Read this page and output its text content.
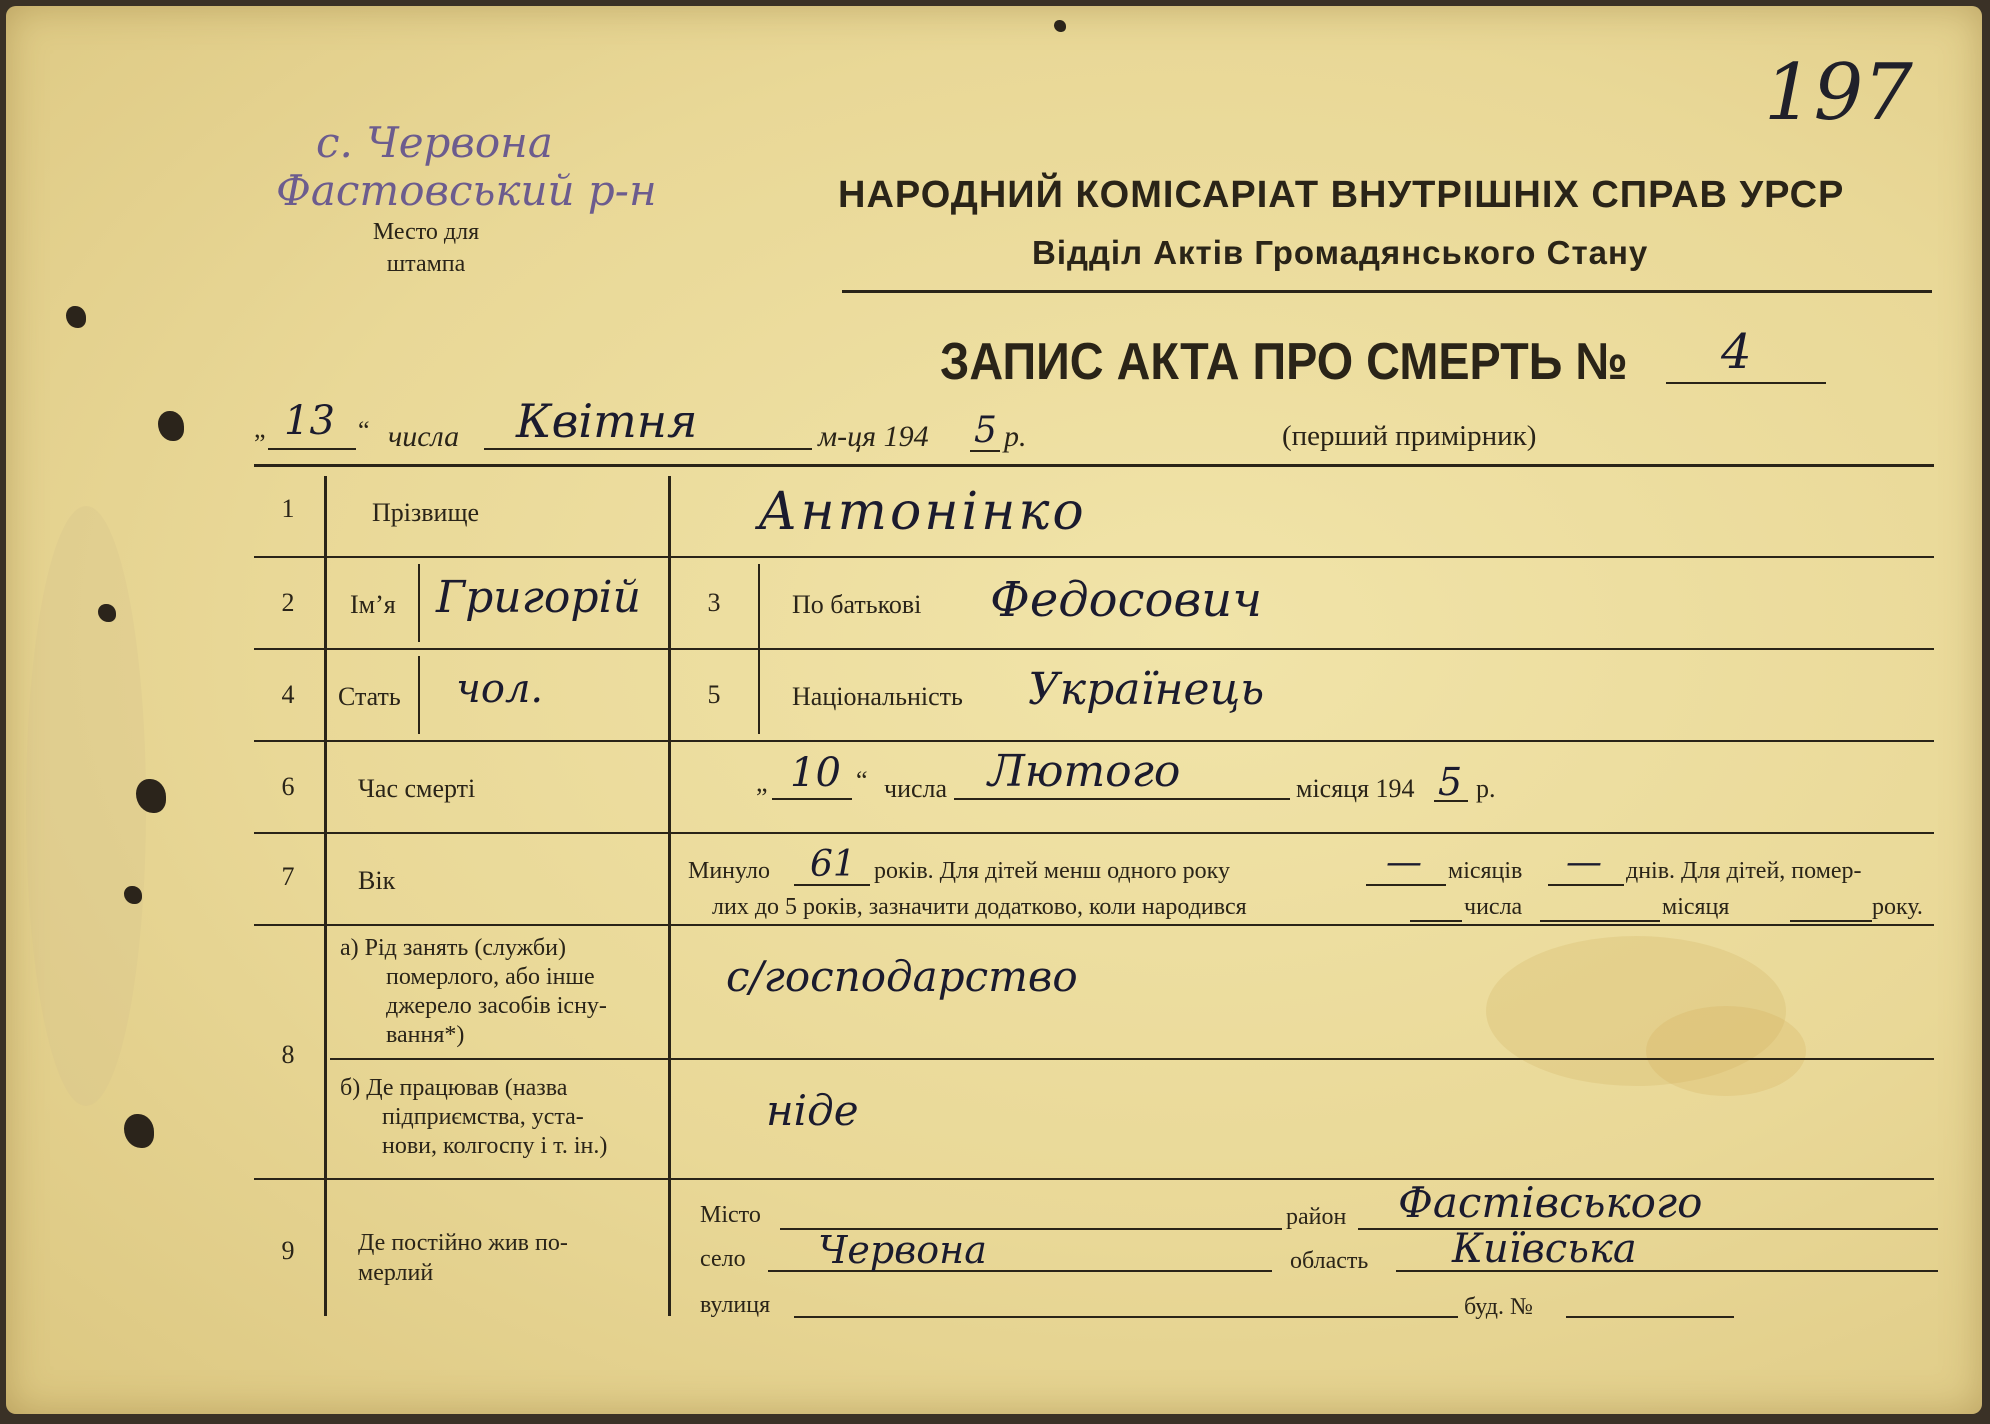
197
с. Червона
Фастовський р-н
Место для
штампа
НАРОДНИЙ КОМІСАРІАТ ВНУТРІШНІХ СПРАВ УРСР
Відділ Актів Громадянського Стану
ЗАПИС АКТА ПРО СМЕРТЬ № 4
„ 13 “ числа Квітня	м-ця 194 5 р.	(перший примірник)
1	Прізвище	Антонінко
2	Ім’я Григорій	3	По батькові Федосович
4	Стать чол.	5	Національність Українець
6	Час смерті	„ 10 “ числа Лютого	місяця 194 5 р.
7	Вік	Минуло 61 років. Для дітей менш одного року	— місяців — днів. Для дітей, помер-
лих до 5 років, зазначити додатково, коли народився	числа	місяця	року.
8
а) Рід занять (служби)
померлого, або інше
джерело засобів існу-
вання*)
с/господарство
б) Де працював (назва
підприємства, уста-
нови, колгоспу і т. ін.)
ніде
9	Де постійно жив по-
мерлий
Місто	район Фастівського
село Червона	область Київська
вулиця	буд. №
